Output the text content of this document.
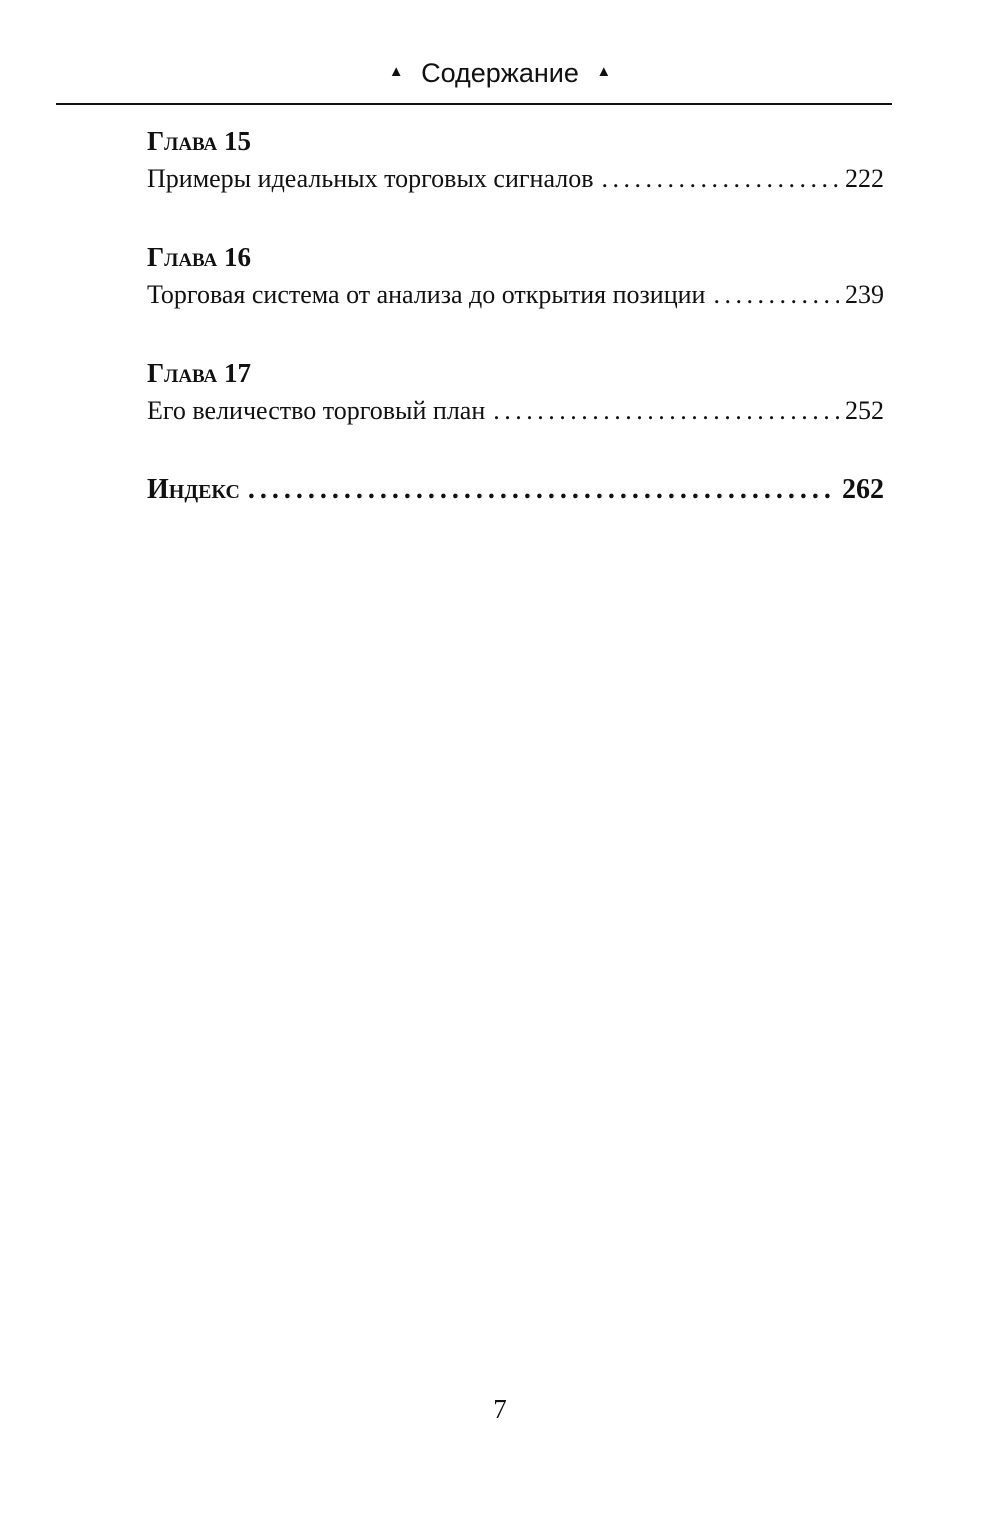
▲ Содержание ▲
Глава 15
Примеры идеальных торговых сигналов . . .	222
Глава 16
Торговая система от анализа до открытия позиции . . .	239
Глава 17
Его величество торговый план . . .	252
Индекс . . .	262
7
